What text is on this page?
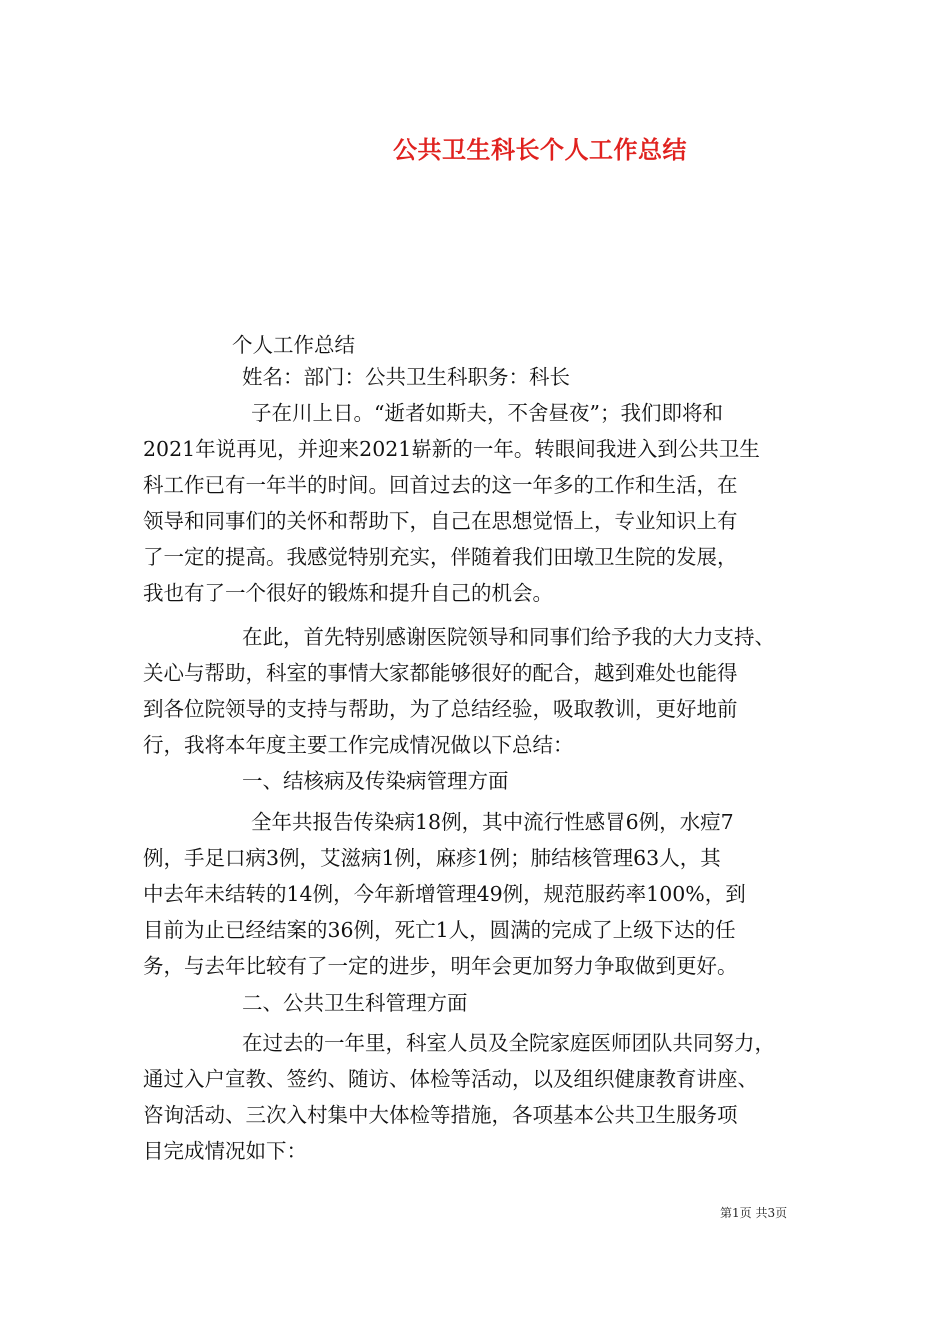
公共卫生科长个人工作总结
个人工作总结
姓名：部门：公共卫生科职务：科长
子在川上日。“逝者如斯夫，不舍昼夜”；我们即将和
2021年说再见，并迎来2021崭新的一年。转眼间我进入到公共卫生
科工作已有一年半的时间。回首过去的这一年多的工作和生活，在
领导和同事们的关怀和帮助下，自己在思想觉悟上，专业知识上有
了一定的提高。我感觉特别充实，伴随着我们田墩卫生院的发展，
我也有了一个很好的锻炼和提升自己的机会。
在此，首先特别感谢医院领导和同事们给予我的大力支持、
关心与帮助，科室的事情大家都能够很好的配合，越到难处也能得
到各位院领导的支持与帮助，为了总结经验，吸取教训，更好地前
行，我将本年度主要工作完成情况做以下总结：
一、结核病及传染病管理方面
全年共报告传染病18例，其中流行性感冒6例，水痘7
例，手足口病3例，艾滋病1例，麻疹1例；肺结核管理63人，其
中去年未结转的14例，今年新增管理49例，规范服药率100%，到
目前为止已经结案的36例，死亡1人，圆满的完成了上级下达的任
务，与去年比较有了一定的进步，明年会更加努力争取做到更好。
二、公共卫生科管理方面
在过去的一年里，科室人员及全院家庭医师团队共同努力，
通过入户宣教、签约、随访、体检等活动，以及组织健康教育讲座、
咨询活动、三次入村集中大体检等措施，各项基本公共卫生服务项
目完成情况如下：
第1页 共3页
